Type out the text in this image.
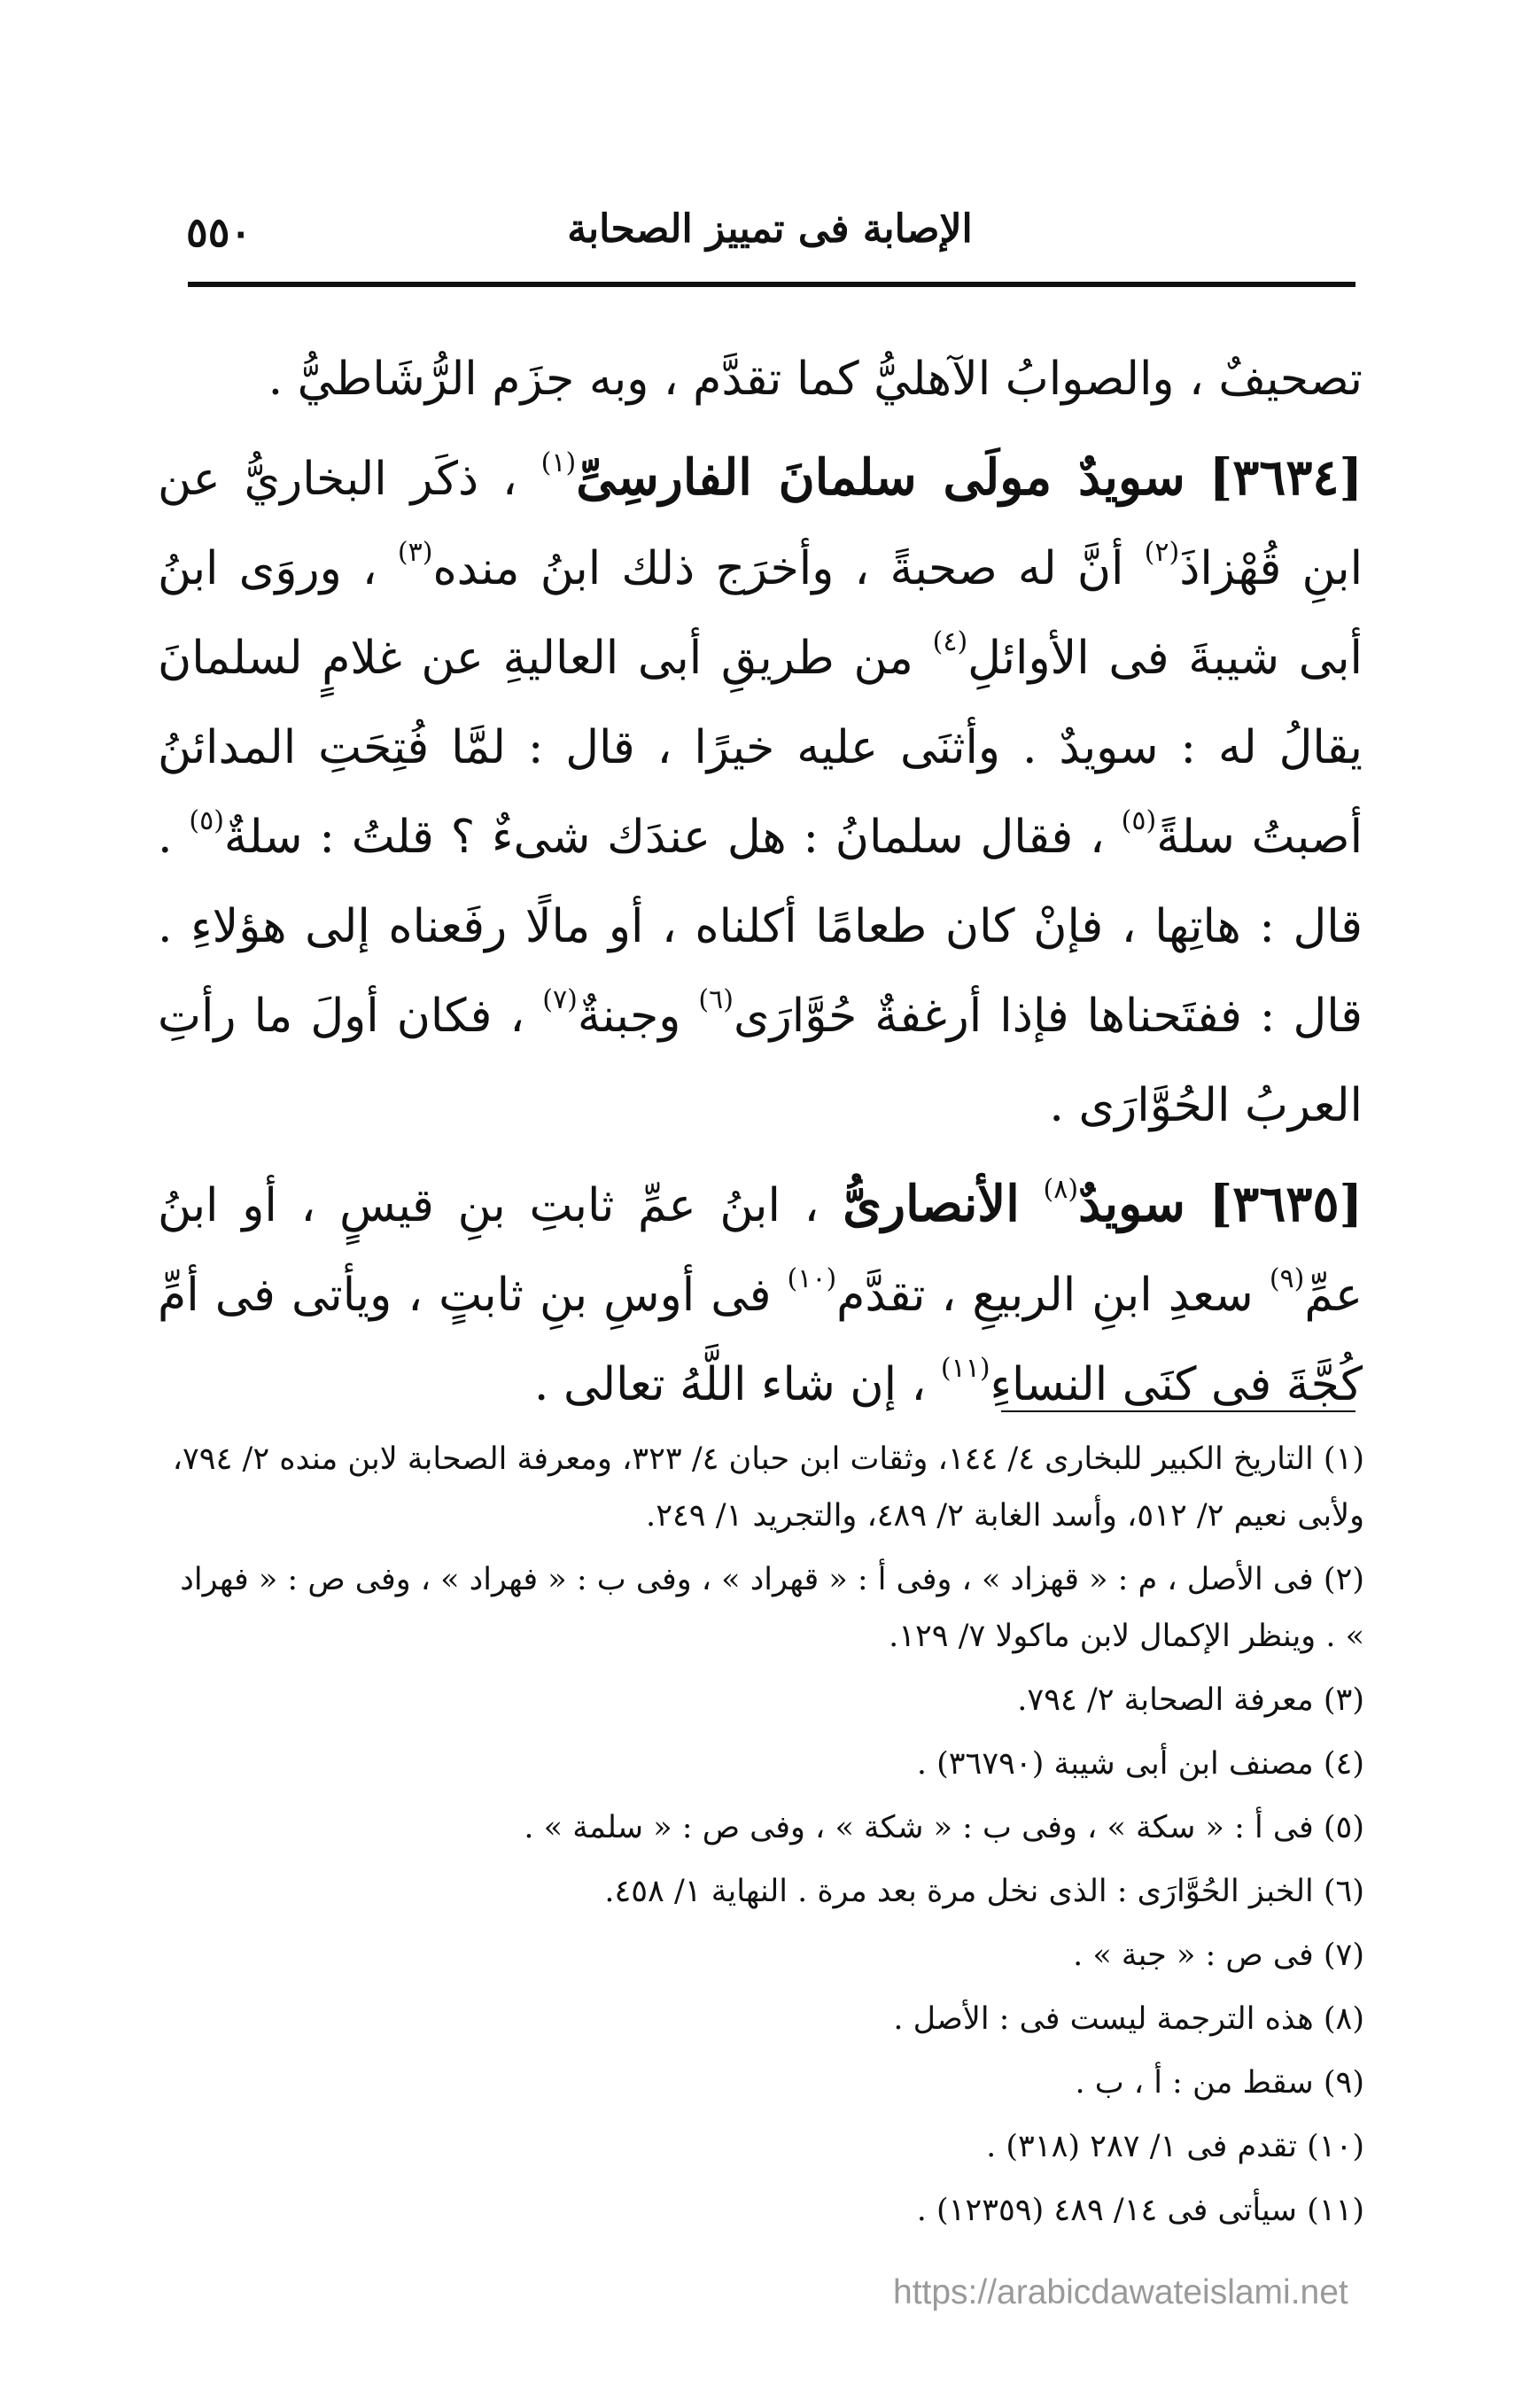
٥٥٠	الإصابة فى تمييز الصحابة

تصحيفٌ ، والصوابُ الآهليُّ كما تقدَّم ، وبه جزَم الرُّشَاطيُّ .

[٣٦٣٤] سويدٌ مولَى سلمانَ الفارسِىِّ$^{(١)}$ ، ذكَر البخاريُّ عن ابنِ قُهْزاذَ$^{(٢)}$ أنَّ له صحبةً ، وأخرَج ذلك ابنُ منده$^{(٣)}$ ، وروَى ابنُ أبى شيبةَ فى الأوائلِ$^{(٤)}$ من طريقِ أبى العاليةِ عن غلامٍ لسلمانَ يقالُ له : سويدٌ . وأثنَى عليه خيرًا ، قال : لمَّا فُتِحَتِ المدائنُ أصبتُ سلةً$^{(٥)}$ ، فقال سلمانُ : هل عندَك شىءٌ ؟ قلتُ : سلةٌ$^{(٥)}$ . قال : هاتِها ، فإنْ كان طعامًا أكلناه ، أو مالًا رفَعناه إلى هؤلاءِ . قال : ففتَحناها فإذا أرغفةٌ حُوَّارَى$^{(٦)}$ وجبنةٌ$^{(٧)}$ ، فكان أولَ ما رأتِ العربُ الحُوَّارَى .

[٣٦٣٥] سويدٌ$^{(٨)}$ الأنصارىُّ ، ابنُ عمِّ ثابتِ بنِ قيسٍ ، أو ابنُ عمِّ$^{(٩)}$ سعدِ ابنِ الربيعِ ، تقدَّم$^{(١٠)}$ فى أوسِ بنِ ثابتٍ ، ويأتى فى أمِّ كُجَّةَ فى كنَى النساءِ$^{(١١)}$ ، إن شاء اللَّهُ تعالى .

(١) التاريخ الكبير للبخارى ٤/ ١٤٤، وثقات ابن حبان ٤/ ٣٢٣، ومعرفة الصحابة لابن منده ٢/ ٧٩٤، ولأبى نعيم ٢/ ٥١٢، وأسد الغابة ٢/ ٤٨٩، والتجريد ١/ ٢٤٩.

(٢) فى الأصل ، م : « قهزاد » ، وفى أ : « قهراد » ، وفى ب : « فهراد » ، وفى ص : « فهراد » . وينظر الإكمال لابن ماكولا ٧/ ١٢٩.

(٣) معرفة الصحابة ٢/ ٧٩٤.

(٤) مصنف ابن أبى شيبة (٣٦٧٩٠) .

(٥) فى أ : « سكة » ، وفى ب : « شكة » ، وفى ص : « سلمة » .

(٦) الخبز الحُوَّارَى : الذى نخل مرة بعد مرة . النهاية ١/ ٤٥٨.

(٧) فى ص : « جبة » .

(٨) هذه الترجمة ليست فى : الأصل .

(٩) سقط من : أ ، ب .

(١٠) تقدم فى ١/ ٢٨٧ (٣١٨) .

(١١) سيأتى فى ١٤/ ٤٨٩ (١٢٣٥٩) .

https://arabicdawateislami.net
